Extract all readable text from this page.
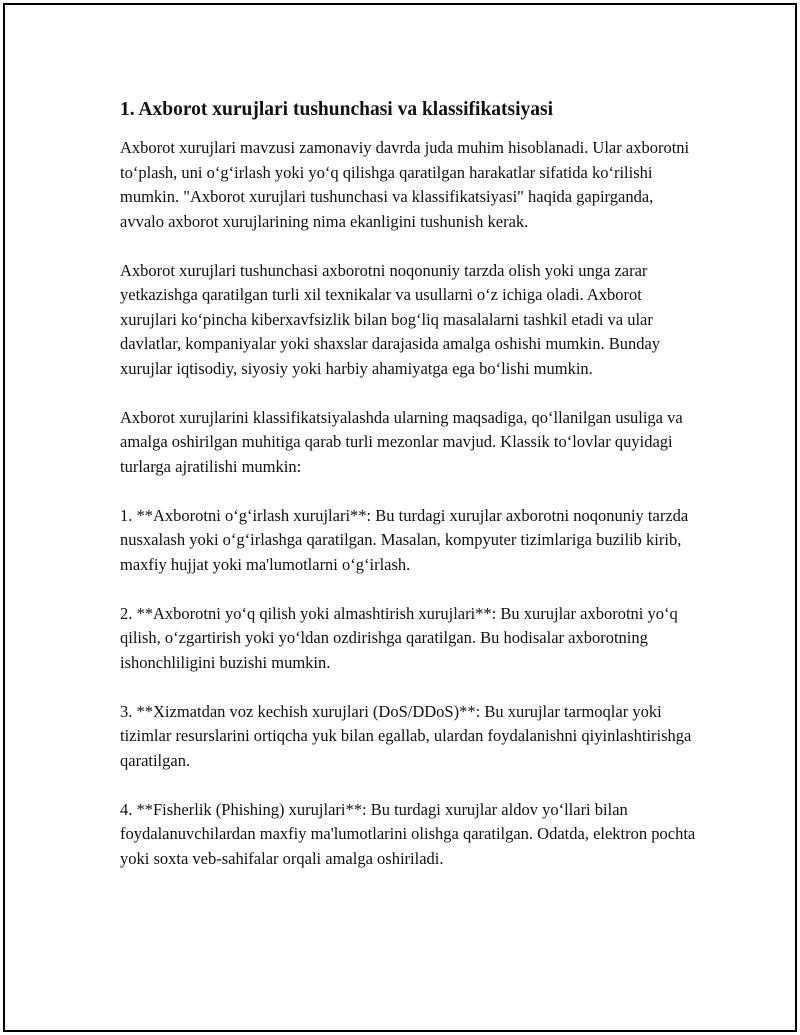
1. Axborot xurujlari tushunchasi va klassifikatsiyasi

Axborot xurujlari mavzusi zamonaviy davrda juda muhim hisoblanadi. Ular axborotni to‘plash, uni o‘g‘irlash yoki yo‘q qilishga qaratilgan harakatlar sifatida ko‘rilishi mumkin. "Axborot xurujlari tushunchasi va klassifikatsiyasi" haqida gapirganda, avvalo axborot xurujlarining nima ekanligini tushunish kerak.

Axborot xurujlari tushunchasi axborotni noqonuniy tarzda olish yoki unga zarar yetkazishga qaratilgan turli xil texnikalar va usullarni o‘z ichiga oladi. Axborot xurujlari ko‘pincha kiberxavfsizlik bilan bog‘liq masalalarni tashkil etadi va ular davlatlar, kompaniyalar yoki shaxslar darajasida amalga oshishi mumkin. Bunday xurujlar iqtisodiy, siyosiy yoki harbiy ahamiyatga ega bo‘lishi mumkin.

Axborot xurujlarini klassifikatsiyalashda ularning maqsadiga, qo‘llanilgan usuliga va amalga oshirilgan muhitiga qarab turli mezonlar mavjud. Klassik to‘lovlar quyidagi turlarga ajratilishi mumkin:

1. **Axborotni o‘g‘irlash xurujlari**: Bu turdagi xurujlar axborotni noqonuniy tarzda nusxalash yoki o‘g‘irlashga qaratilgan. Masalan, kompyuter tizimlariga buzilib kirib, maxfiy hujjat yoki ma'lumotlarni o‘g‘irlash.

2. **Axborotni yo‘q qilish yoki almashtirish xurujlari**: Bu xurujlar axborotni yo‘q qilish, o‘zgartirish yoki yo‘ldan ozdirishga qaratilgan. Bu hodisalar axborotning ishonchliligini buzishi mumkin.

3. **Xizmatdan voz kechish xurujlari (DoS/DDoS)**: Bu xurujlar tarmoqlar yoki tizimlar resurslarini ortiqcha yuk bilan egallab, ulardan foydalanishni qiyinlashtirishga qaratilgan.

4. **Fisherlik (Phishing) xurujlari**: Bu turdagi xurujlar aldov yo‘llari bilan foydalanuvchilardan maxfiy ma'lumotlarini olishga qaratilgan. Odatda, elektron pochta yoki soxta veb-sahifalar orqali amalga oshiriladi.
